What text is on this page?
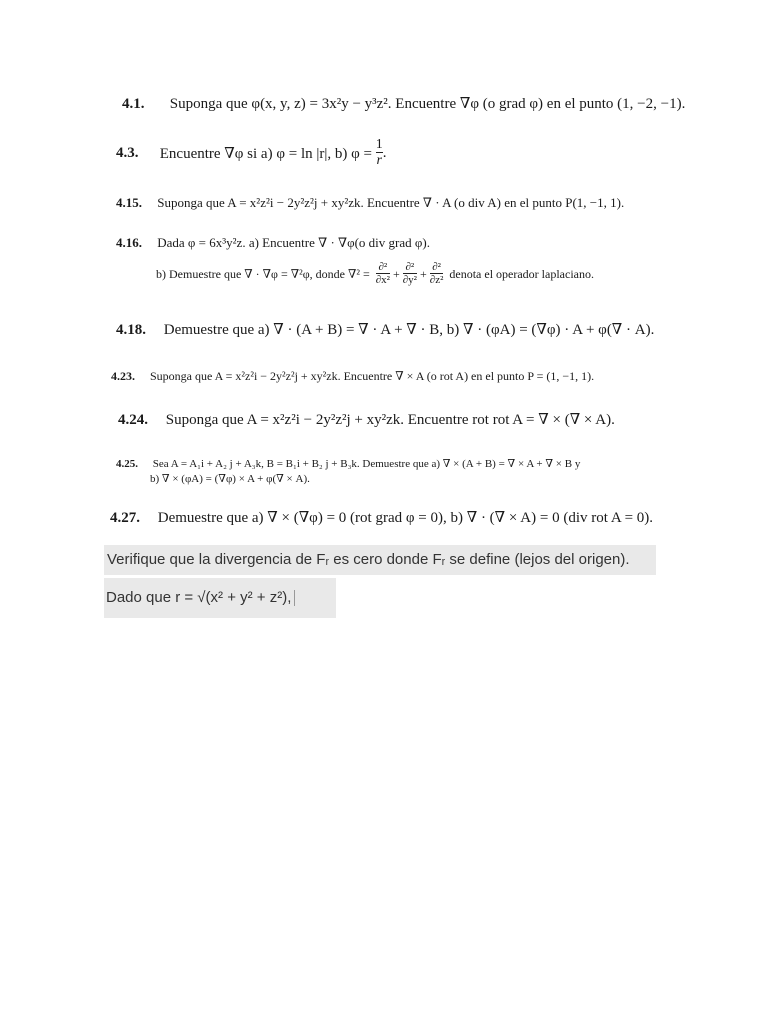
4.1. Suponga que φ(x, y, z) = 3x²y − y³z². Encuentre ∇φ (o grad φ) en el punto (1, −2, −1).
4.3. Encuentre ∇φ si a) φ = ln |r|, b) $\varphi = \frac{1}{r}$ .
4.15. Suponga que A = x²z²i − 2y²z²j + xy²zk. Encuentre ∇ · A (o div A) en el punto P(1, −1, 1).
4.16. Dada φ = 6x³y²z. a) Encuentre ∇ · ∇φ(o div grad φ).
b) Demuestre que ∇ · ∇φ = ∇²φ, donde $\nabla^2 = \frac{\text{∂²}}{\text{∂x²}} + \frac{\text{∂²}}{\text{∂y²}} + \frac{\text{∂²}}{\text{∂z²}}$ denota el operador laplaciano.
4.18. Demuestre que a) ∇ · (A + B) = ∇ · A + ∇ · B, b) ∇ · (φA) = (∇φ) · A + φ(∇ · A).
4.23. Suponga que A = x²z²i − 2y²z²j + xy²zk. Encuentre ∇ × A (o rot A) en el punto P = (1, −1, 1).
4.24. Suponga que A = x²z²i − 2y²z²j + xy²zk. Encuentre rot rot A = ∇ × (∇ × A).
4.25. Sea A = A₁i + A₂ j + A₃k, B = B₁i + B₂ j + B₃k. Demuestre que a) ∇ × (A + B) = ∇ × A + ∇ × B y
b) ∇ × (φA) = (∇φ) × A + φ(∇ × A).
4.27. Demuestre que a) ∇ × (∇φ) = 0 (rot grad φ = 0), b) ∇ · (∇ × A) = 0 (div rot A = 0).
Verifique que la divergencia de Fᵣ es cero donde Fᵣ se define (lejos del origen).
Dado que r = √(x² + y² + z²),
